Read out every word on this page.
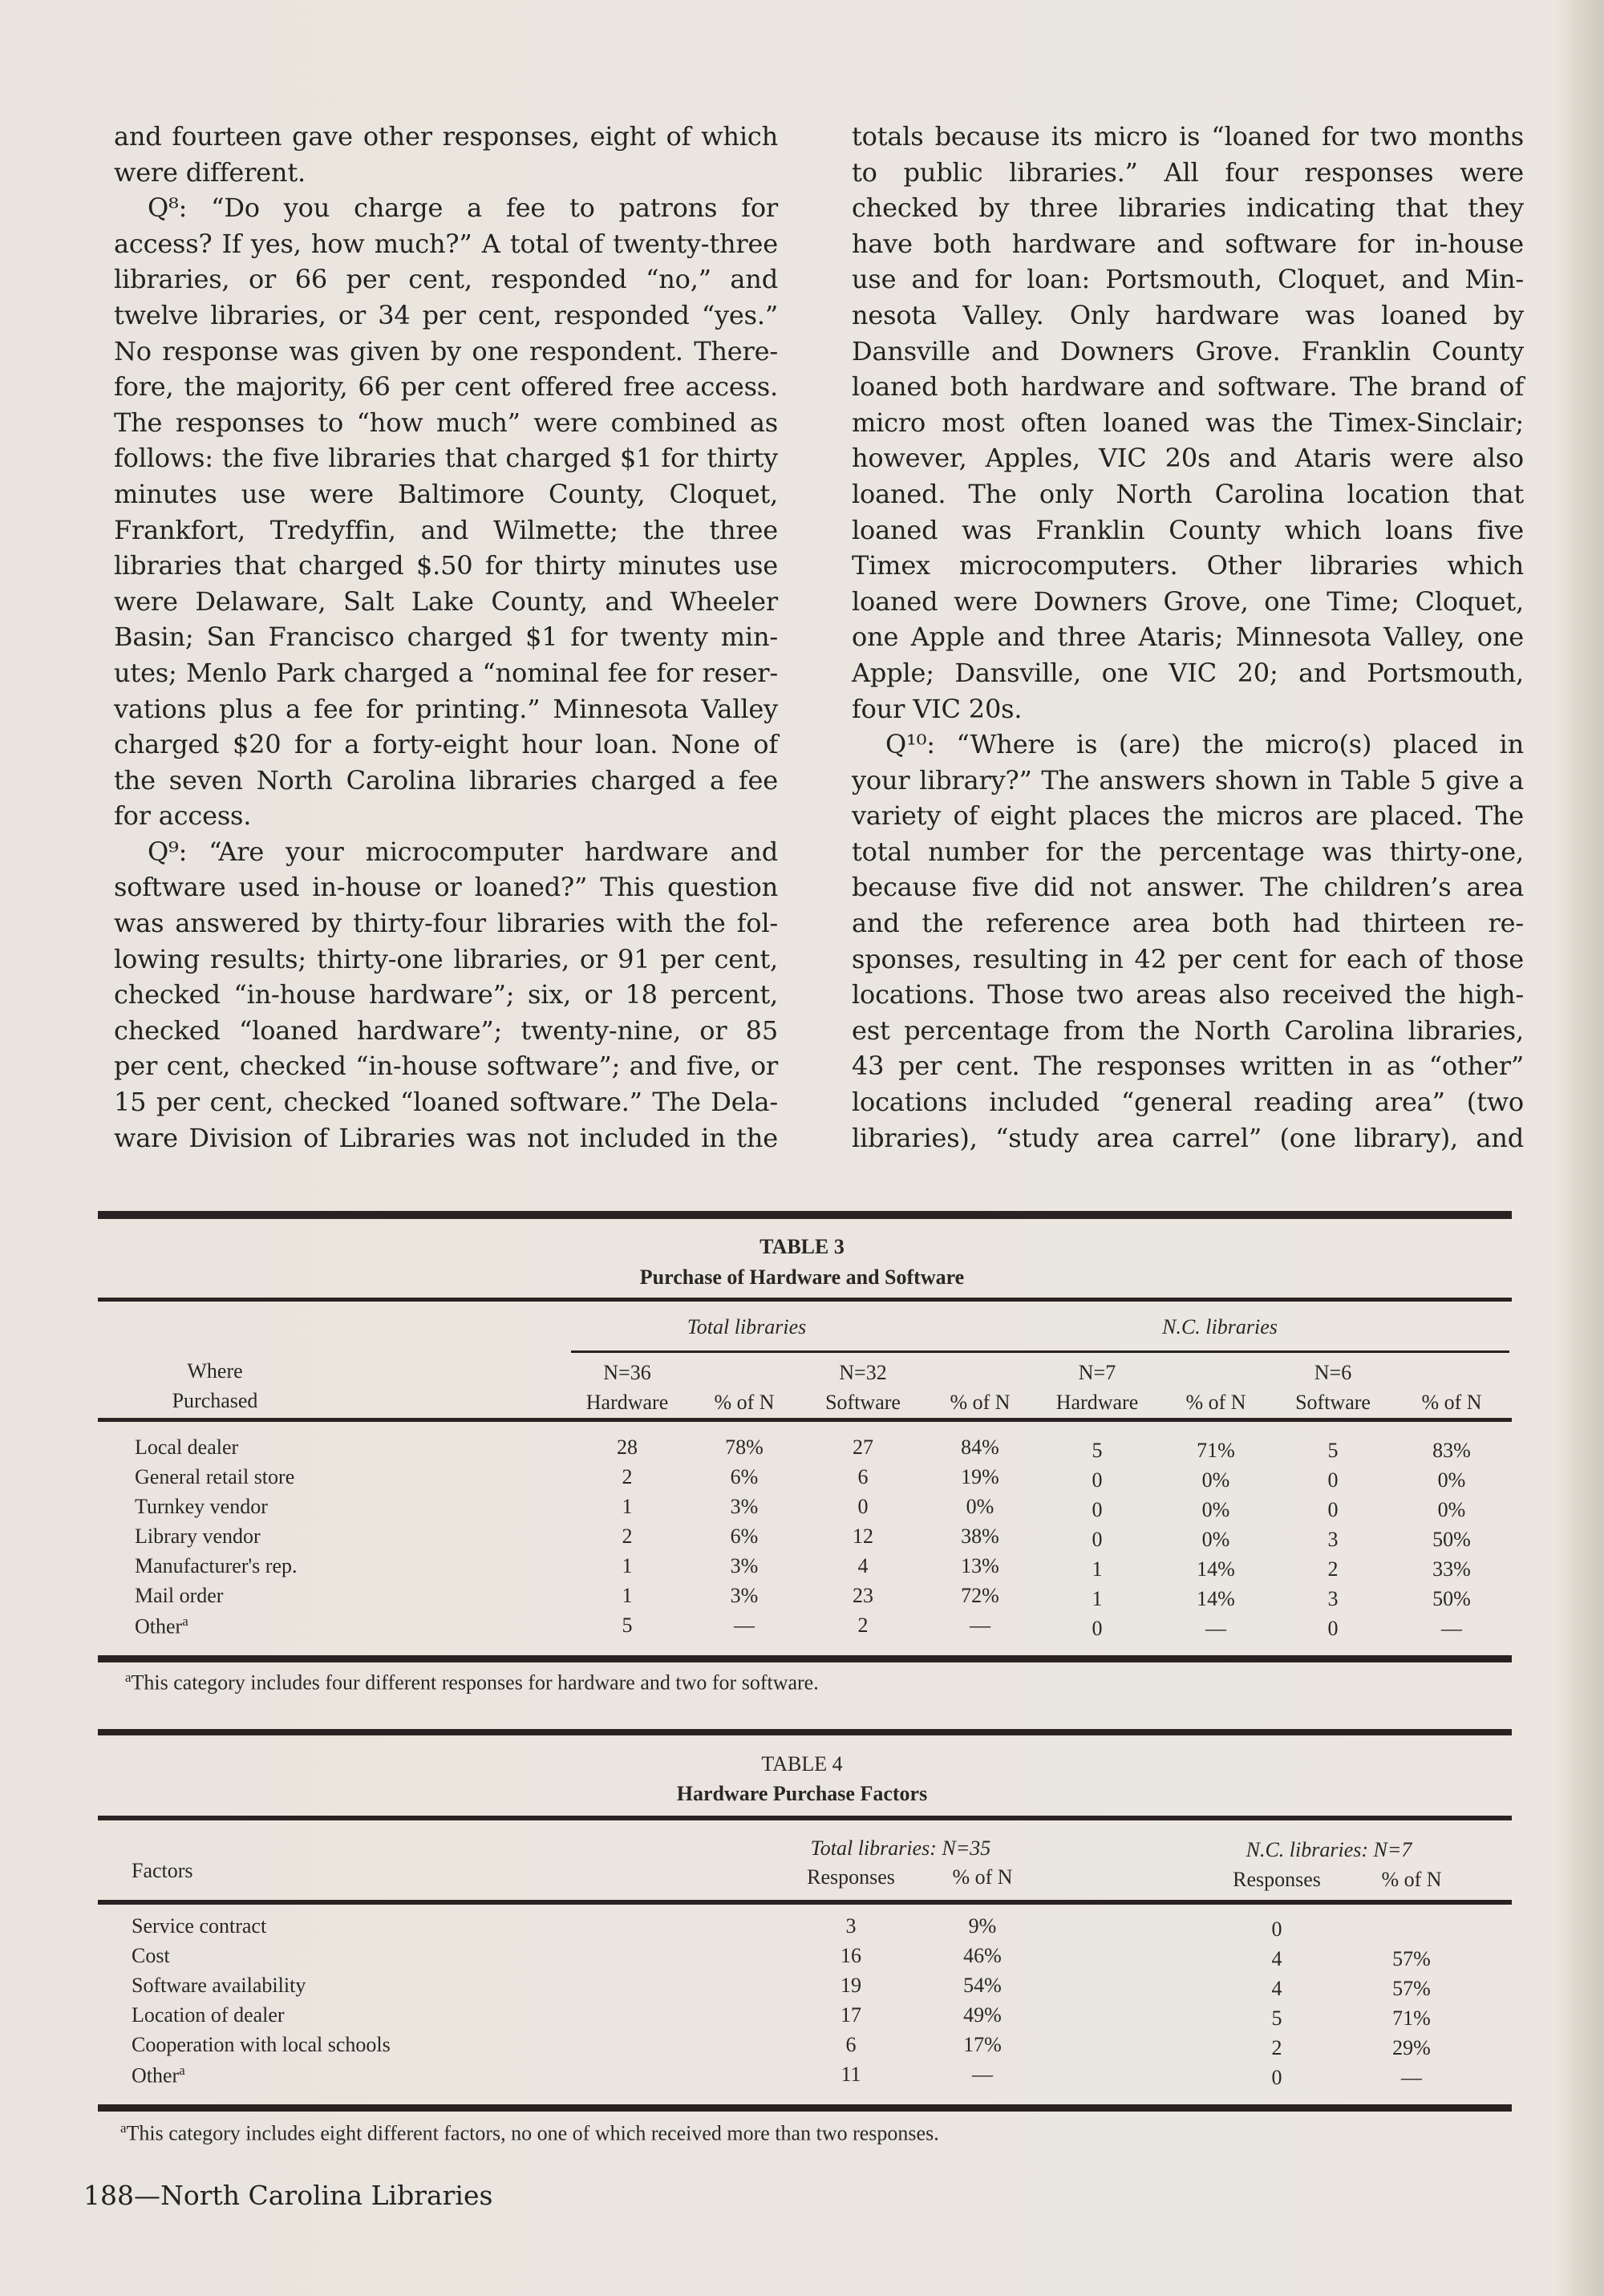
and fourteen gave other responses, eight of which
were different.
Q⁸: “Do you charge a fee to patrons for
access? If yes, how much?” A total of twenty-three
libraries, or 66 per cent, responded “no,” and
twelve libraries, or 34 per cent, responded “yes.”
No response was given by one respondent. There-
fore, the majority, 66 per cent offered free access.
The responses to “how much” were combined as
follows: the five libraries that charged $1 for thirty
minutes use were Baltimore County, Cloquet,
Frankfort, Tredyffin, and Wilmette; the three
libraries that charged $.50 for thirty minutes use
were Delaware, Salt Lake County, and Wheeler
Basin; San Francisco charged $1 for twenty min-
utes; Menlo Park charged a “nominal fee for reser-
vations plus a fee for printing.” Minnesota Valley
charged $20 for a forty-eight hour loan. None of
the seven North Carolina libraries charged a fee
for access.
Q⁹: “Are your microcomputer hardware and
software used in-house or loaned?” This question
was answered by thirty-four libraries with the fol-
lowing results; thirty-one libraries, or 91 per cent,
checked “in-house hardware”; six, or 18 percent,
checked “loaned hardware”; twenty-nine, or 85
per cent, checked “in-house software”; and five, or
15 per cent, checked “loaned software.” The Dela-
ware Division of Libraries was not included in the
totals because its micro is “loaned for two months
to public libraries.” All four responses were
checked by three libraries indicating that they
have both hardware and software for in-house
use and for loan: Portsmouth, Cloquet, and Min-
nesota Valley. Only hardware was loaned by
Dansville and Downers Grove. Franklin County
loaned both hardware and software. The brand of
micro most often loaned was the Timex-Sinclair;
however, Apples, VIC 20s and Ataris were also
loaned. The only North Carolina location that
loaned was Franklin County which loans five
Timex microcomputers. Other libraries which
loaned were Downers Grove, one Time; Cloquet,
one Apple and three Ataris; Minnesota Valley, one
Apple; Dansville, one VIC 20; and Portsmouth,
four VIC 20s.
Q¹⁰: “Where is (are) the micro(s) placed in
your library?” The answers shown in Table 5 give a
variety of eight places the micros are placed. The
total number for the percentage was thirty-one,
because five did not answer. The children’s area
and the reference area both had thirteen re-
sponses, resulting in 42 per cent for each of those
locations. Those two areas also received the high-
est percentage from the North Carolina libraries,
43 per cent. The responses written in as “other”
locations included “general reading area” (two
libraries), “study area carrel” (one library), and
TABLE 3
Purchase of Hardware and Software
Total libraries	N.C. libraries
Where
Purchased
N=36	N=32	N=7	N=6
Hardware % of N Software % of N Hardware % of N Software % of N
Local dealer	28	78%	27	84%	5	71%	5	83%
General retail store	2	6%	6	19%	0	0%	0	0%
Turnkey vendor	1	3%	0	0%	0	0%	0	0%
Library vendor	2	6%	12	38%	0	0%	3	50%
Manufacturer's rep.	1	3%	4	13%	1	14%	2	33%
Mail order	1	3%	23	72%	1	14%	3	50%
Other$^a$	5	—	2	—	0	—	0	—
$^a$This category includes four different responses for hardware and two for software.
TABLE 4
Hardware Purchase Factors
Total libraries: N=35	N.C. libraries: N=7
Factors	Responses	% of N	Responses	% of N
Service contract	3	9%	0
Cost	16	46%	4	57%
Software availability	19	54%	4	57%
Location of dealer	17	49%	5	71%
Cooperation with local schools	6	17%	2	29%
Other$^a$	11	—	0	—
$^a$This category includes eight different factors, no one of which received more than two responses.
188—North Carolina Libraries
